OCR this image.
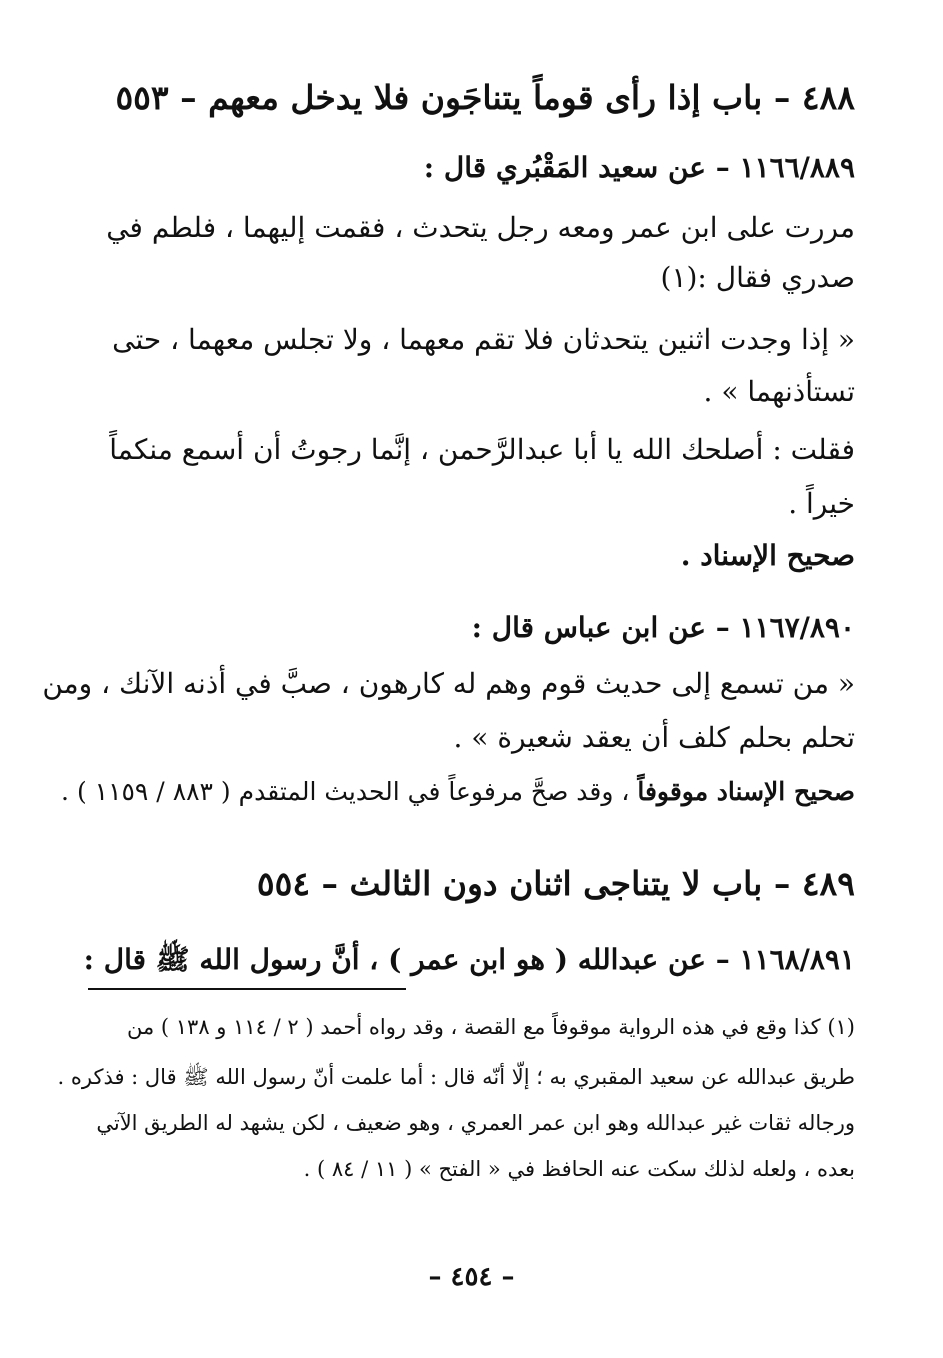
٤٨٨ – باب إذا رأى قوماً يتناجَون فلا يدخل معهم – ٥٥٣
١١٦٦/٨٨٩ – عن سعيد المَقْبُري قال :
مررت على ابن عمر ومعه رجل يتحدث ، فقمت إليهما ، فلطم في
صدري فقال :(١)
« إذا وجدت اثنين يتحدثان فلا تقم معهما ، ولا تجلس معهما ، حتى
تستأذنهما » .
فقلت : أصلحك الله يا أبا عبدالرَّحمن ، إنَّما رجوتُ أن أسمع منكماً
خيراً .
صحيح الإسناد .
١١٦٧/٨٩٠ – عن ابن عباس قال :
« من تسمع إلى حديث قوم وهم له كارهون ، صبَّ في أذنه الآنك ، ومن
تحلم بحلم كلف أن يعقد شعيرة » .
صحيح الإسناد موقوفاً ، وقد صحَّ مرفوعاً في الحديث المتقدم ( ٨٨٣ / ١١٥٩ ) .
٤٨٩ – باب لا يتناجى اثنان دون الثالث – ٥٥٤
١١٦٨/٨٩١ – عن عبدالله ( هو ابن عمر ) ، أنَّ رسول الله ﷺ قال :
(١) كذا وقع في هذه الرواية موقوفاً مع القصة ، وقد رواه أحمد ( ٢ / ١١٤ و ١٣٨ ) من
طريق عبدالله عن سعيد المقبري به ؛ إلّا أنّه قال : أما علمت أنّ رسول الله ﷺ قال : فذكره .
ورجاله ثقات غير عبدالله وهو ابن عمر العمري ، وهو ضعيف ، لكن يشهد له الطريق الآتي
بعده ، ولعله لذلك سكت عنه الحافظ في « الفتح » ( ١١ / ٨٤ ) .
– ٤٥٤ –
